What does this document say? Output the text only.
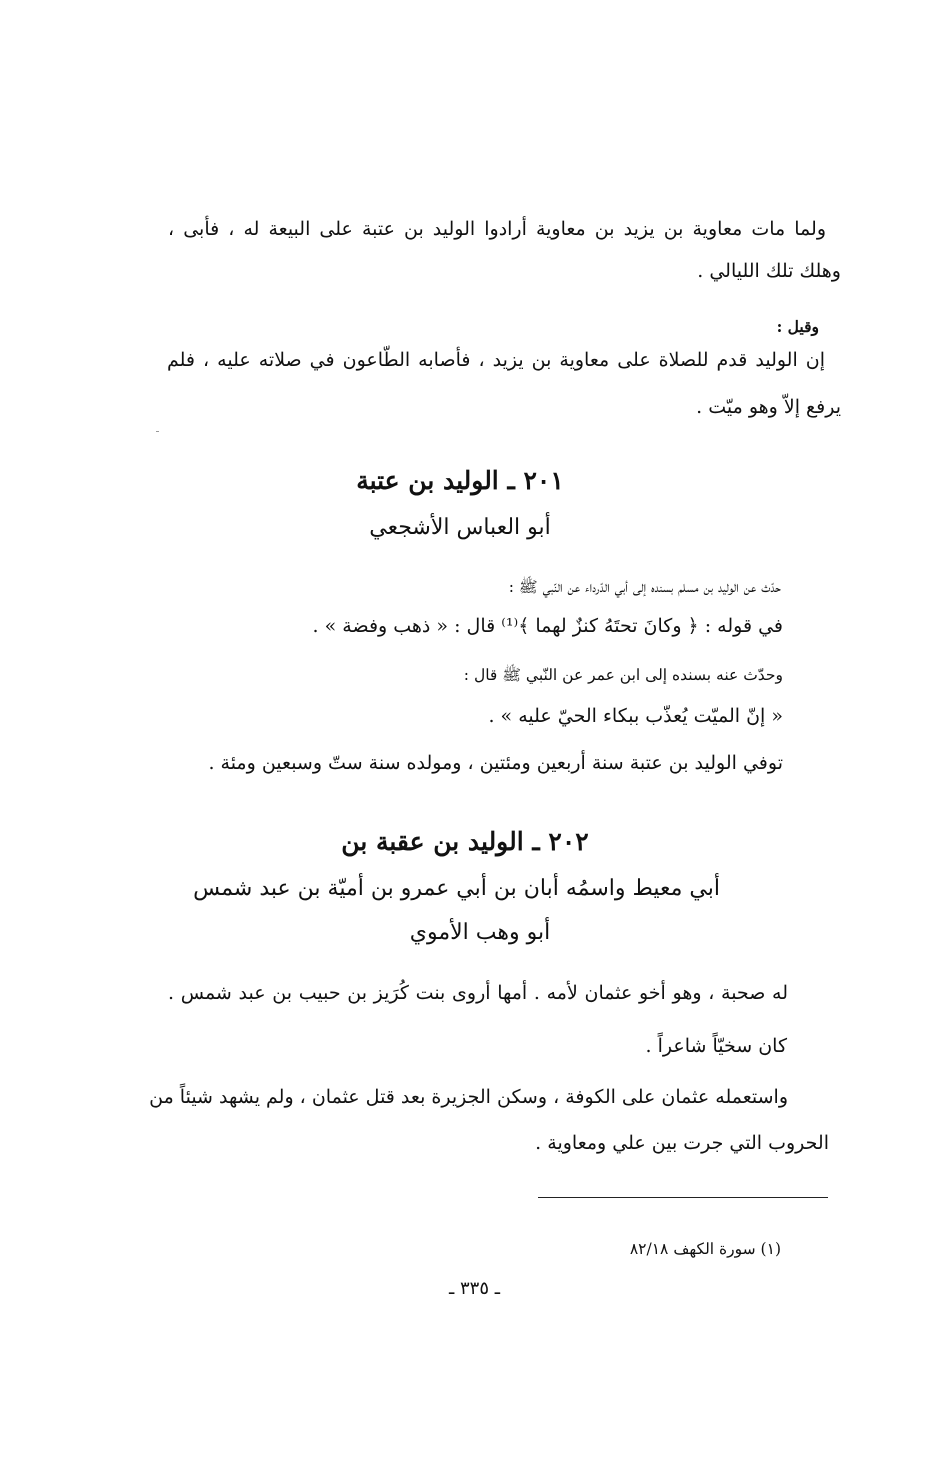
ولما مات معاوية بن يزيد بن معاوية أرادوا الوليد بن عتبة على البيعة له ، فأبى ،
وهلك تلك الليالي .
وقيل :
إن الوليد قدم للصلاة على معاوية بن يزيد ، فأصابه الطّاعون في صلاته عليه ، فلم
يرفع إلاّ وهو ميّت .
٢٠١ ـ الوليد بن عتبة
أبو العباس الأشجعي
حدّث عن الوليد بن مسلم بسنده إلى أبي الدّرداء عن النّبي ﷺ :
في قوله : ﴿ وكانَ تحتَهُ كنزٌ لهما ﴾⁽¹⁾ قال : « ذهب وفضة » .
وحدّث عنه بسنده إلى ابن عمر عن النّبي ﷺ قال :
« إنّ الميّت يُعذّب ببكاء الحيّ عليه » .
توفي الوليد بن عتبة سنة أربعين ومئتين ، ومولده سنة ستّ وسبعين ومئة .
٢٠٢ ـ الوليد بن عقبة بن
أبي معيط واسمُه أبان بن أبي عمرو بن أميّة بن عبد شمس
أبو وهب الأموي
له صحبة ، وهو أخو عثمان لأمه . أمها أروى بنت كُرَيز بن حبيب بن عبد شمس .
كان سخيّاً شاعراً .
واستعمله عثمان على الكوفة ، وسكن الجزيرة بعد قتل عثمان ، ولم يشهد شيئاً من
الحروب التي جرت بين علي ومعاوية .
(١) سورة الكهف ٨٢/١٨
ـ ٣٣٥ ـ
